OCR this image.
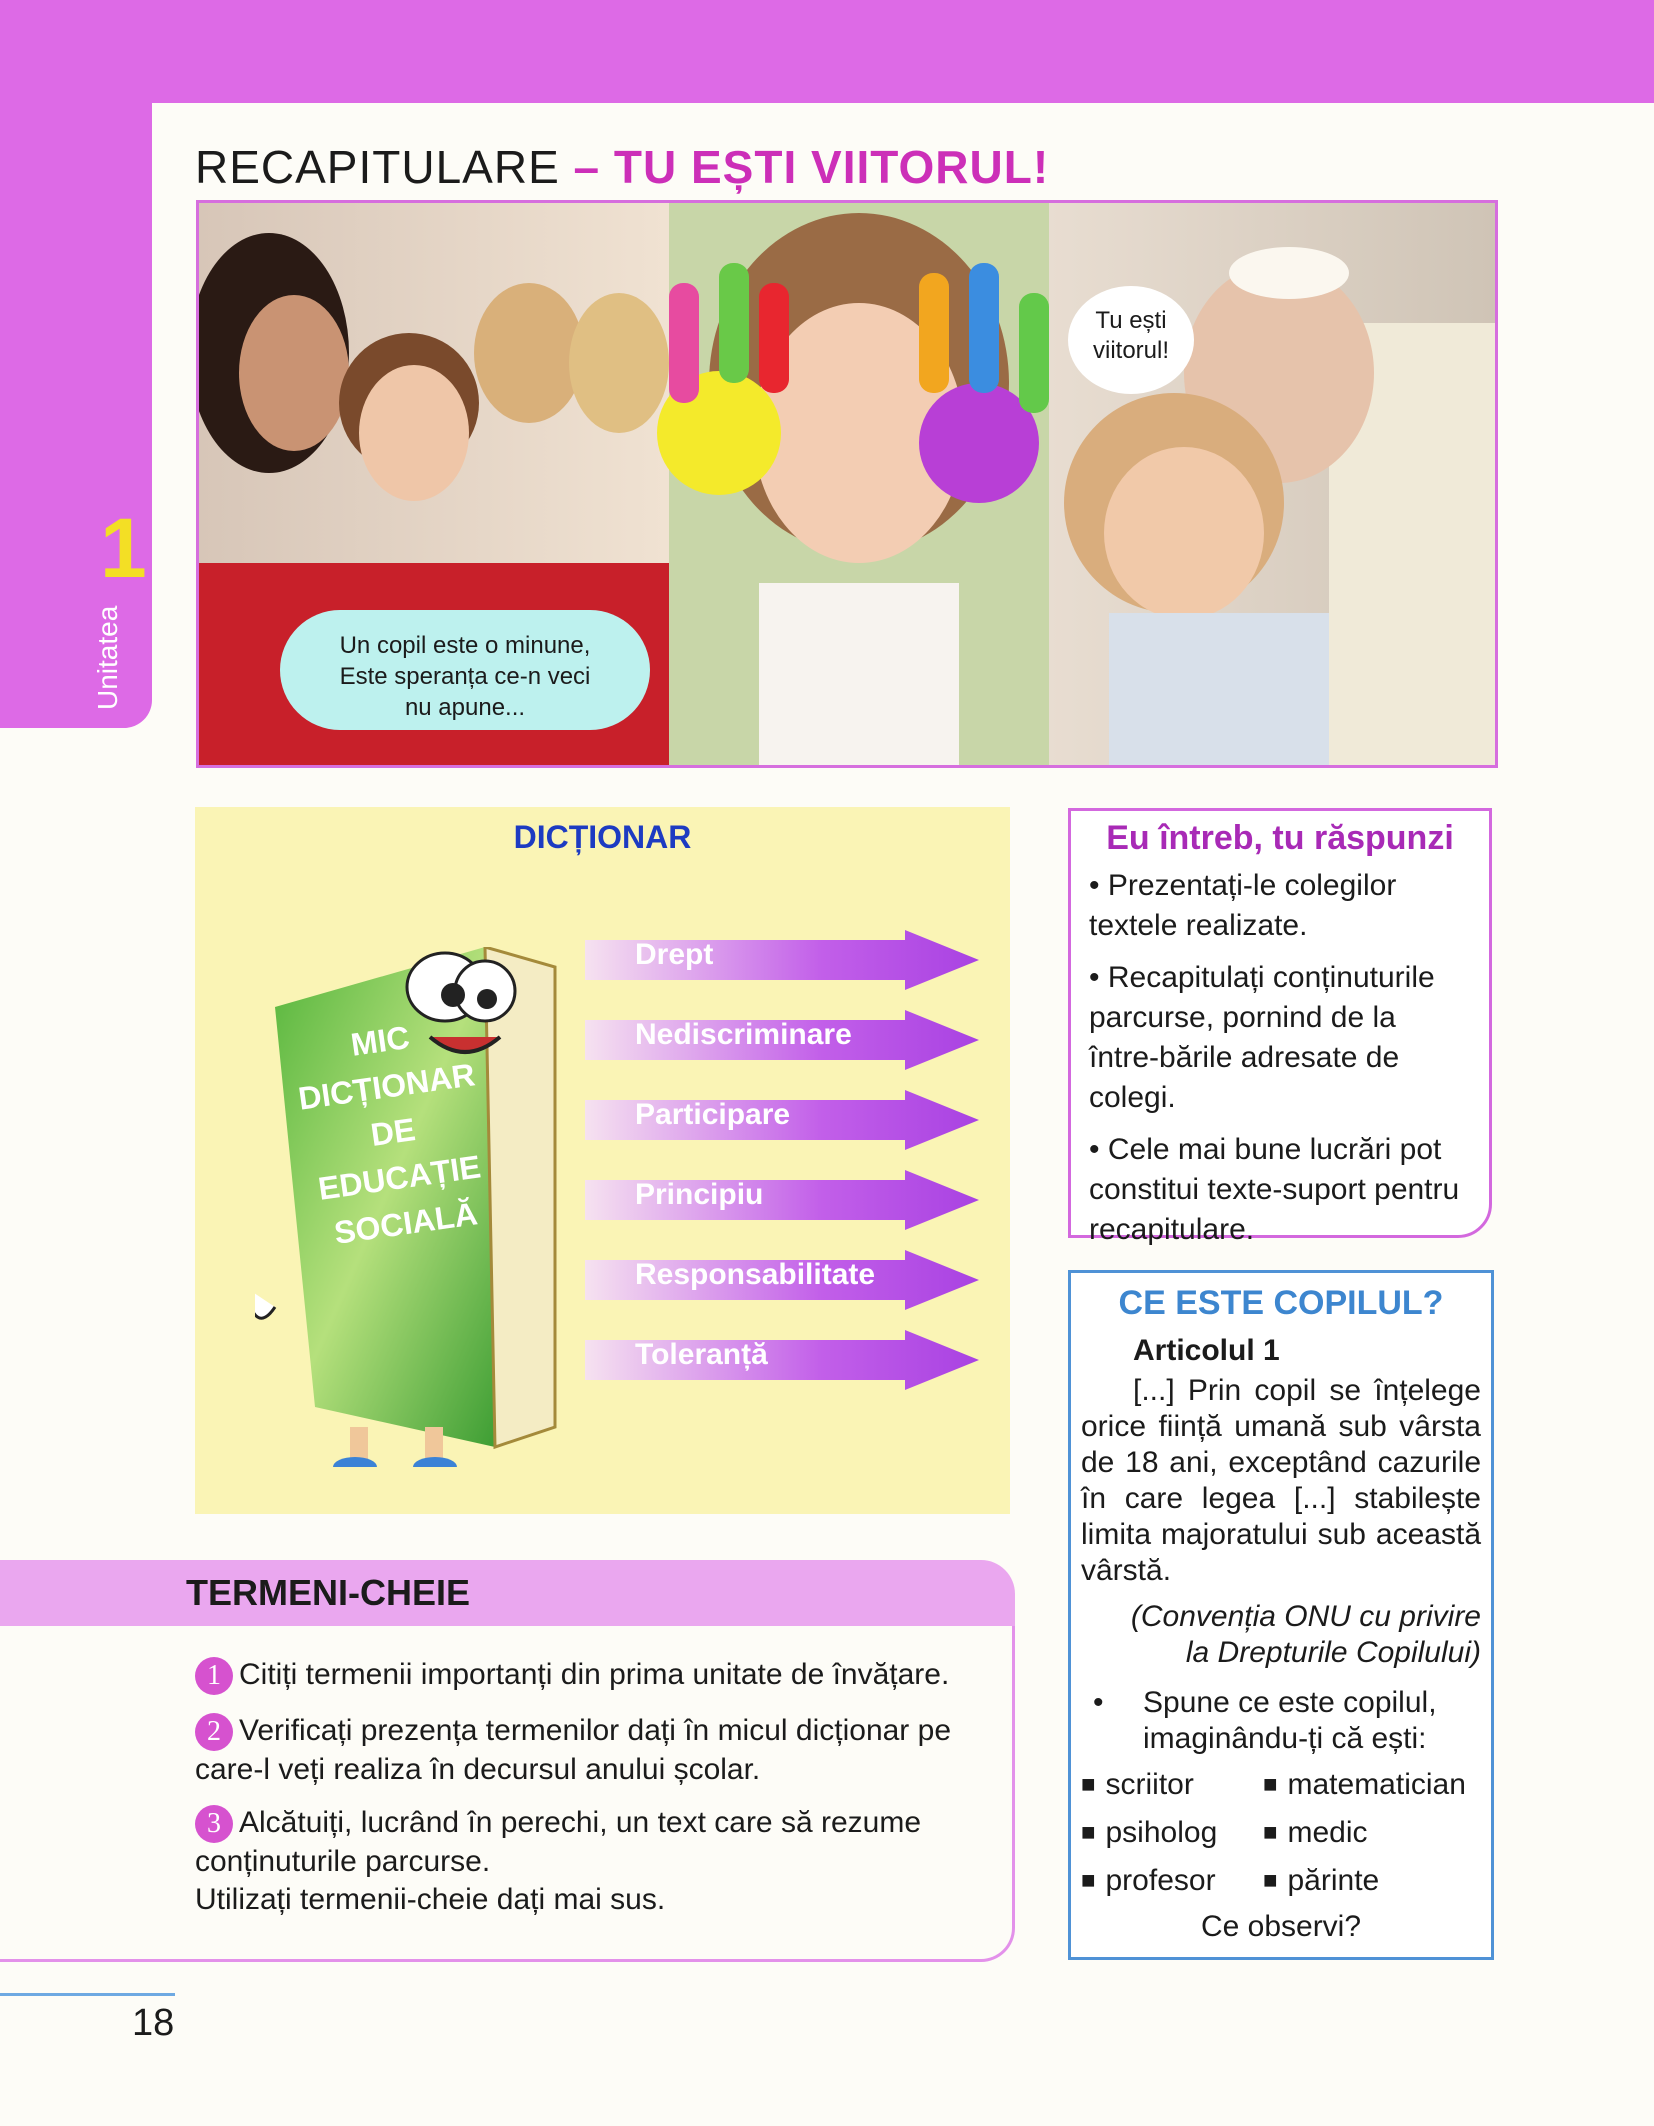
1
Unitatea
RECAPITULARE – TU EȘTI VIITORUL!
Un copil este o minune,
Este speranța ce-n veci
nu apune...
Tu ești
viitorul!
DICȚIONAR
MIC
DICȚIONAR
DE
EDUCAȚIE
SOCIALĂ
Drept
Nediscriminare
Participare
Principiu
Responsabilitate
Toleranță
Eu întreb, tu răspunzi

• Prezentați-le colegilor textele realizate.

• Recapitulați conținuturile parcurse, pornind de la între-bările adresate de colegi.

• Cele mai bune lucrări pot constitui texte-suport pentru recapitulare.

CE ESTE COPILUL?
Articolul 1
[...] Prin copil se înțelege orice ființă umană sub vârsta de 18 ani, exceptând cazurile în care legea [...] stabilește limita majoratului sub această vârstă.
(Convenția ONU cu privire
la Drepturile Copilului)
•	Spune ce este copilul, imaginându-ți că ești:
■ scriitor	■ matematician
■ psiholog	■ medic
■ profesor	■ părinte
Ce observi?
TERMENI-CHEIE
1 Citiți termenii importanți din prima unitate de învățare.
2 Verificați prezența termenilor dați în micul dicționar pe care-l veți realiza în decursul anului școlar.
3 Alcătuiți, lucrând în perechi, un text care să rezume conținuturile parcurse.
Utilizați termenii-cheie dați mai sus.
18
